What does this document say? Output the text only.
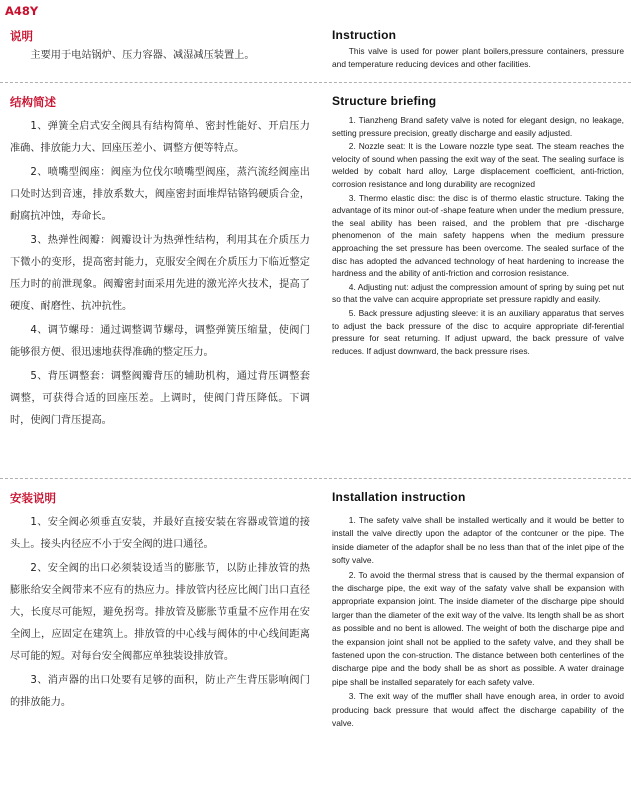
A48Y
说明

主要用于电站锅炉、压力容器、减湿减压装置上。

结构简述

1、弹簧全启式安全阀具有结构简单、密封性能好、开启压力准确、排放能力大、回座压差小、调整方便等特点。

2、喷嘴型阀座：阀座为位伐尔喷嘴型阀座，蒸汽流经阀座出口处时达到音速，排放系数大，阀座密封面堆焊钴铬钨硬质合金，耐腐抗冲蚀，寿命长。

3、热弹性阀瓣：阀瓣设计为热弹性结构，利用其在介质压力下微小的变形，提高密封能力，克服安全阀在介质压力下临近整定压力时的前泄现象。阀瓣密封面采用先进的激光淬火技术，提高了硬度、耐磨性、抗冲抗性。

4、调节螺母：通过调整调节螺母，调整弹簧压缩量，使阀门能够很方便、很迅速地获得准确的整定压力。

5、背压调整套：调整阀瓣背压的辅助机构，通过背压调整套调整，可获得合适的回座压差。上调时，使阀门背压降低。下调时，使阀门背压提高。

安装说明

1、安全阀必须垂直安装，并最好直接安装在容器或管道的接头上。接头内径应不小于安全阀的进口通径。

2、安全阀的出口必须装设适当的膨胀节，以防止排放管的热膨胀给安全阀带来不应有的热应力。排放管内径应比阀门出口直径大，长度尽可能短，避免拐弯。排放管及膨胀节重量不应作用在安全阀上，应固定在建筑上。排放管的中心线与阀体的中心线间距离尽可能的短。对每台安全阀都应单独装设排放管。

3、消声器的出口处要有足够的面积，防止产生背压影响阀门的排放能力。

Instruction

This valve is used for power plant boilers,pressure containers, pressure and temperature reducing devices and other facilities.

Structure briefing

1. Tianzheng Brand safety valve is noted for elegant design, no leakage, setting pressure precision, greatly discharge and easily adjusted.

2. Nozzle seat: It is the Loware nozzle type seat. The steam reaches the velocity of sound when passing the exit way of the seat. The sealing surface is welded by cobalt hard alloy, Large displacement coefficient, anti-friction, corrosion resistance and long durability are recognized

3. Thermo elastic disc: the disc is of thermo elastic structure. Taking the advantage of its minor out-of -shape feature when under the medium pressure, the seal ability has been raised, and the problem that pre -discharge phenomenon of the main safety happens when the medium pressure approaching the set pressure has been overcome. The sealed surface of the disc has adopted the advanced technology of heat hardening to increase the hardness and the ability of anti-friction and corrosion resistance.

4. Adjusting nut: adjust the compression amount of spring by suing pet nut so that the valve can acquire appropriate set pressure rapidly and easily.

5. Back pressure adjusting sleeve: it is an auxiliary apparatus that serves to adjust the back pressure of the disc to acquire appropriate dif-ferential pressure for seat returning. If adjust upward, the back pressure of valve reduces. If adjust downward, the back pressure rises.

Installation instruction

1. The safety valve shall be installed wertically and it would be better to install the valve directly upon the adaptor of the contcuner or the pipe. The inside diameter of the adapfor shall be no less than that of the inlet pipe of the softy valve.

2. To avoid the thermal stress that is caused by the thermal expansion of the discharge pipe, the exit way of the safaty valve shall be expansion with appropriate expansion joint. The inside diameter of the discharge pipe should larger than the diameter of the exit way of the valve. Its length shall be as short as possible and no bent is allowed. The weight of both the discharge pipe and the expansion joint shall not be applied to the safety valve, and they shall be fastened upon the con-struction. The distance between both centerlines of the discharge pipe and the body shall be as short as possible. A water drainage pipe shall be installed separately for each safety valve.

3. The exit way of the muffler shall have enough area, in order to avoid producing back pressure that would affect the discharge capability of the valve.
